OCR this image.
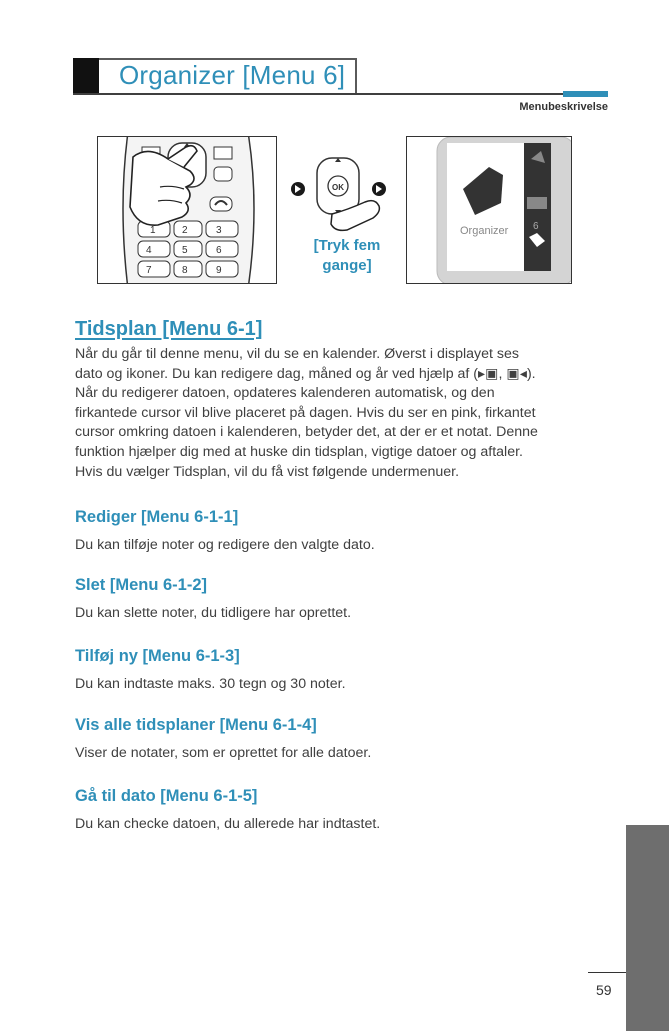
Organizer [Menu 6]
Menubeskrivelse
1	2	3
4	5	6
7	8	9
OK
[Tryk fem
gange]
6
Organizer
Tidsplan [Menu 6-1]
Når du går til denne menu, vil du se en kalender. Øverst i displayet ses
dato og ikoner. Du kan redigere dag, måned og år ved hjælp af (▸▣, ▣◂).
Når du redigerer datoen, opdateres kalenderen automatisk, og den
firkantede cursor vil blive placeret på dagen. Hvis du ser en pink, firkantet
cursor omkring datoen i kalenderen, betyder det, at der er et notat. Denne
funktion hjælper dig med at huske din tidsplan, vigtige datoer og aftaler.
Hvis du vælger Tidsplan, vil du få vist følgende undermenuer.
Rediger [Menu 6-1-1]
Du kan tilføje noter og redigere den valgte dato.
Slet [Menu 6-1-2]
Du kan slette noter, du tidligere har oprettet.
Tilføj ny [Menu 6-1-3]
Du kan indtaste maks. 30 tegn og 30 noter.
Vis alle tidsplaner [Menu 6-1-4]
Viser de notater, som er oprettet for alle datoer.
Gå til dato [Menu 6-1-5]
Du kan checke datoen, du allerede har indtastet.
59
